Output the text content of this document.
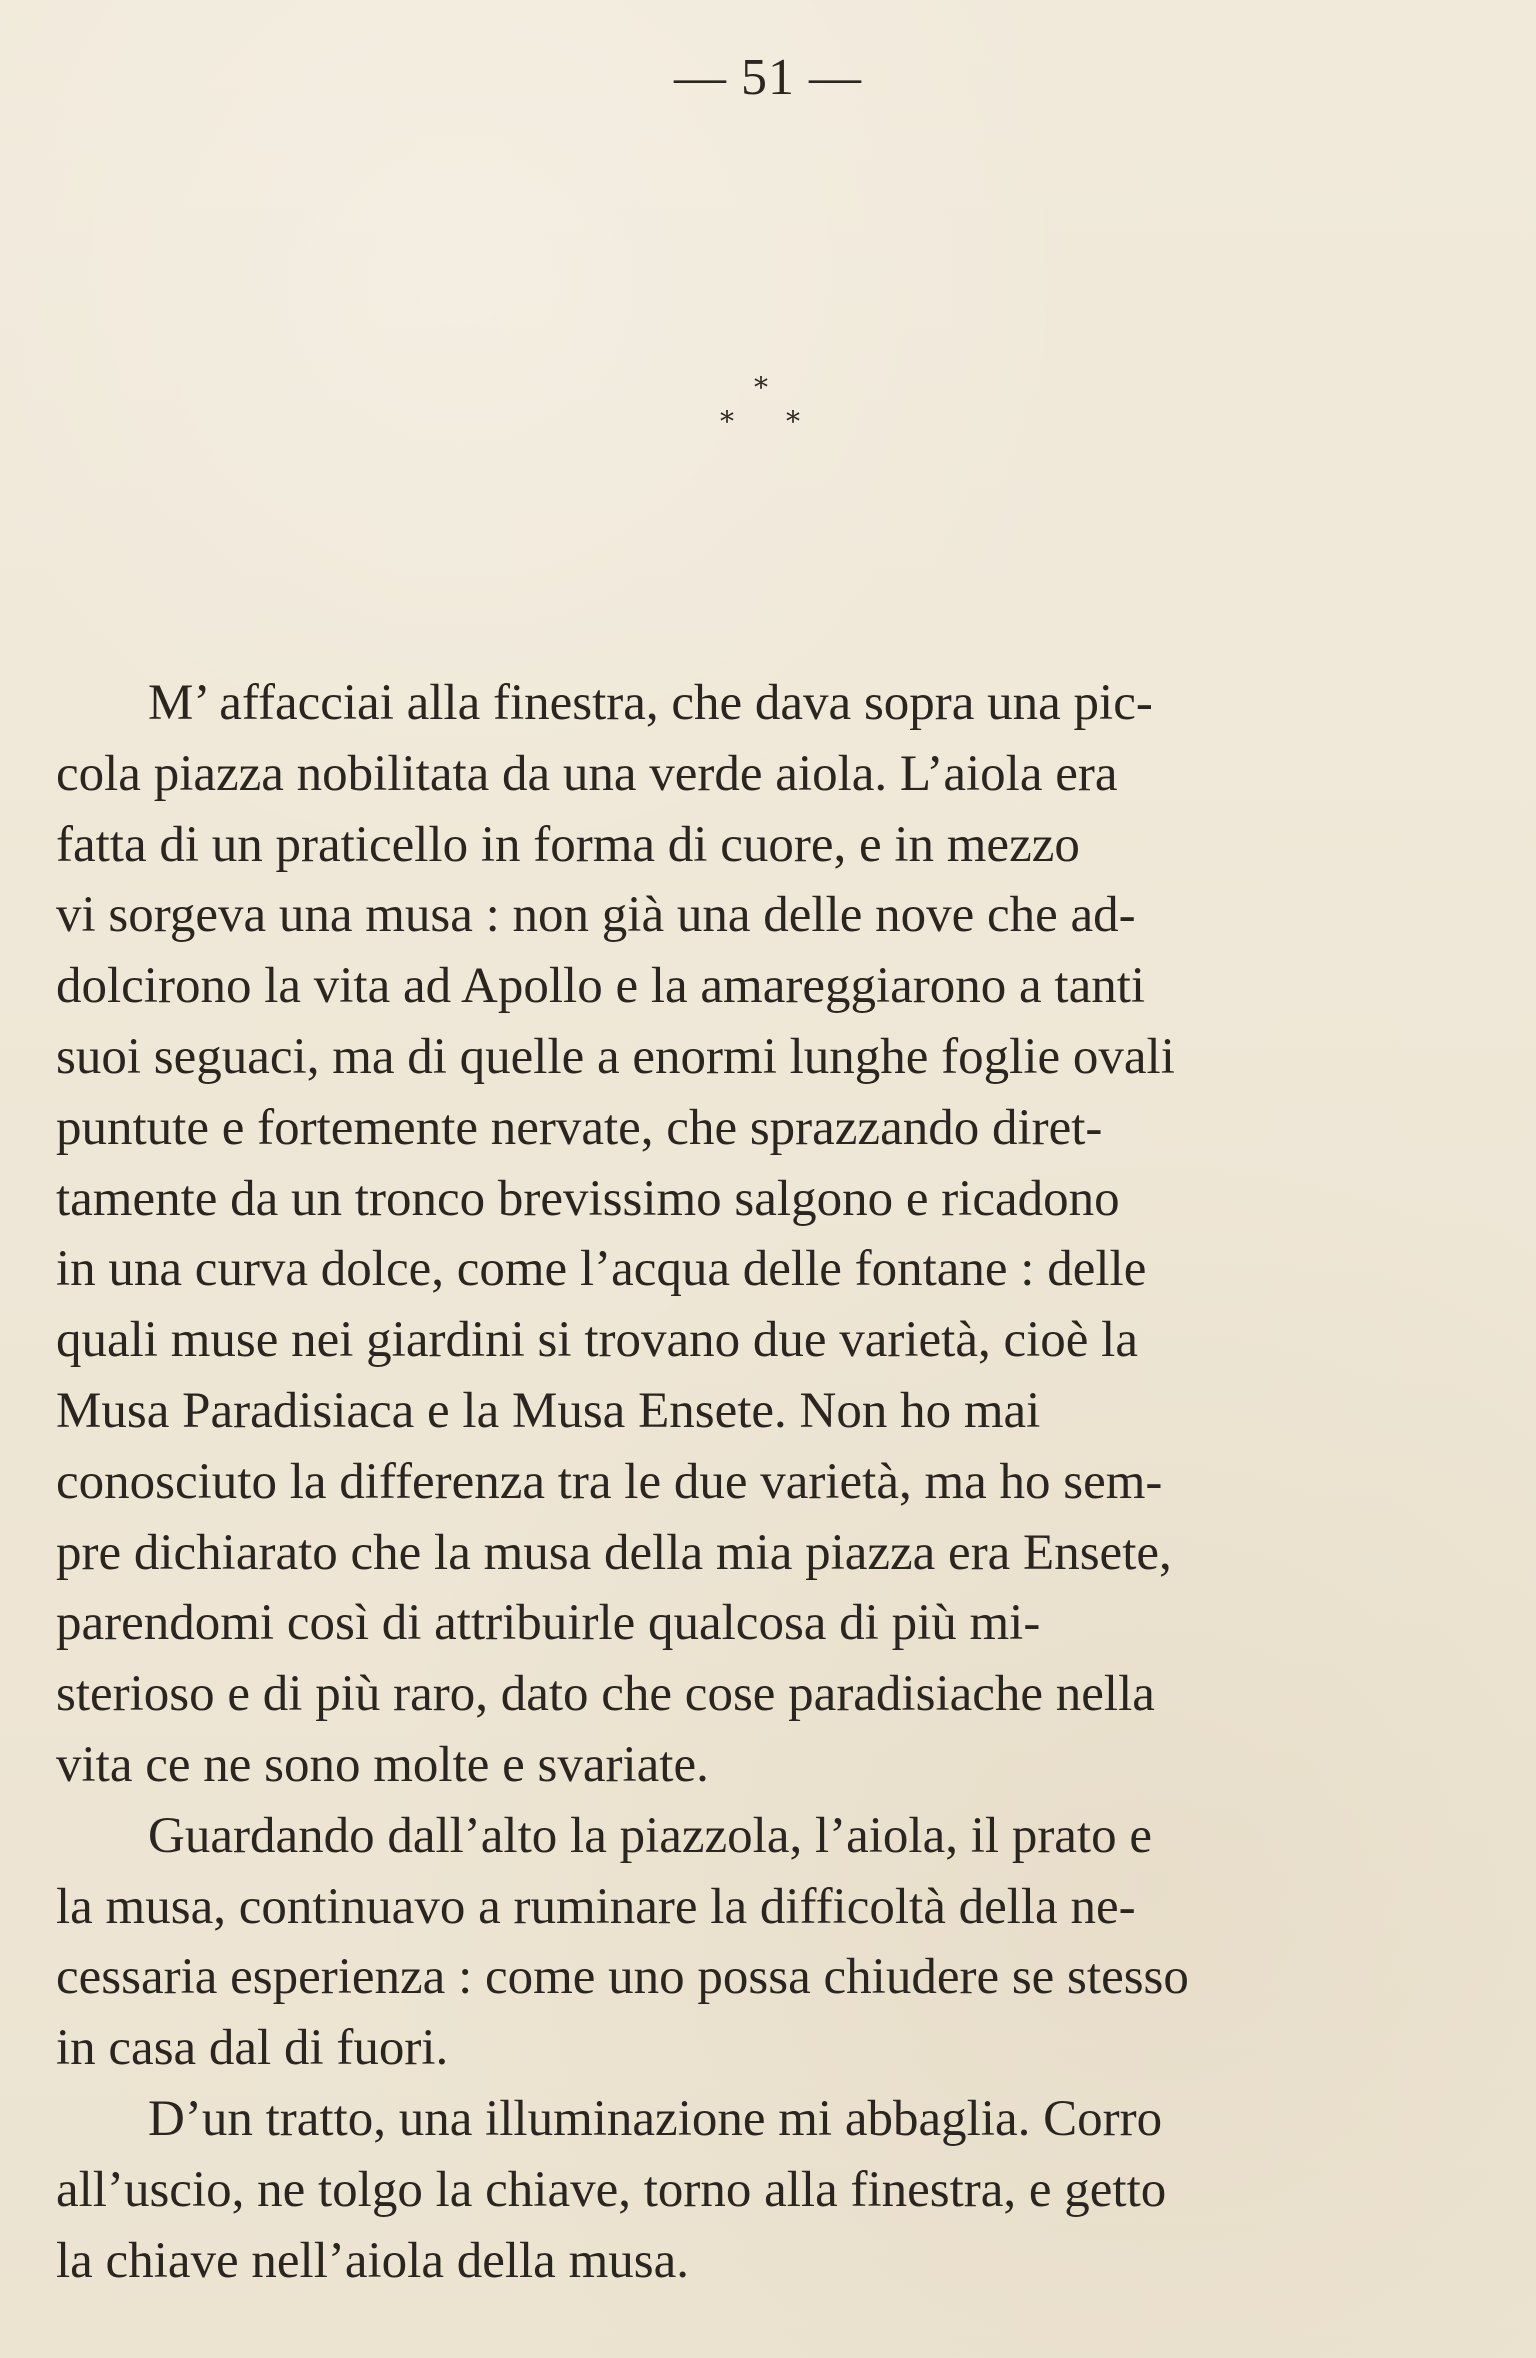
— 51 —
*
* *
M’ affacciai alla finestra, che dava sopra una pic-
cola piazza nobilitata da una verde aiola. L’aiola era
fatta di un praticello in forma di cuore, e in mezzo
vi sorgeva una musa : non già una delle nove che ad-
dolcirono la vita ad Apollo e la amareggiarono a tanti
suoi seguaci, ma di quelle a enormi lunghe foglie ovali
puntute e fortemente nervate, che sprazzando diret-
tamente da un tronco brevissimo salgono e ricadono
in una curva dolce, come l’acqua delle fontane : delle
quali muse nei giardini si trovano due varietà, cioè la
Musa Paradisiaca e la Musa Ensete. Non ho mai
conosciuto la differenza tra le due varietà, ma ho sem-
pre dichiarato che la musa della mia piazza era Ensete,
parendomi così di attribuirle qualcosa di più mi-
sterioso e di più raro, dato che cose paradisiache nella
vita ce ne sono molte e svariate.
Guardando dall’alto la piazzola, l’aiola, il prato e
la musa, continuavo a ruminare la difficoltà della ne-
cessaria esperienza : come uno possa chiudere se stesso
in casa dal di fuori.
D’un tratto, una illuminazione mi abbaglia. Corro
all’uscio, ne tolgo la chiave, torno alla finestra, e getto
la chiave nell’aiola della musa.
